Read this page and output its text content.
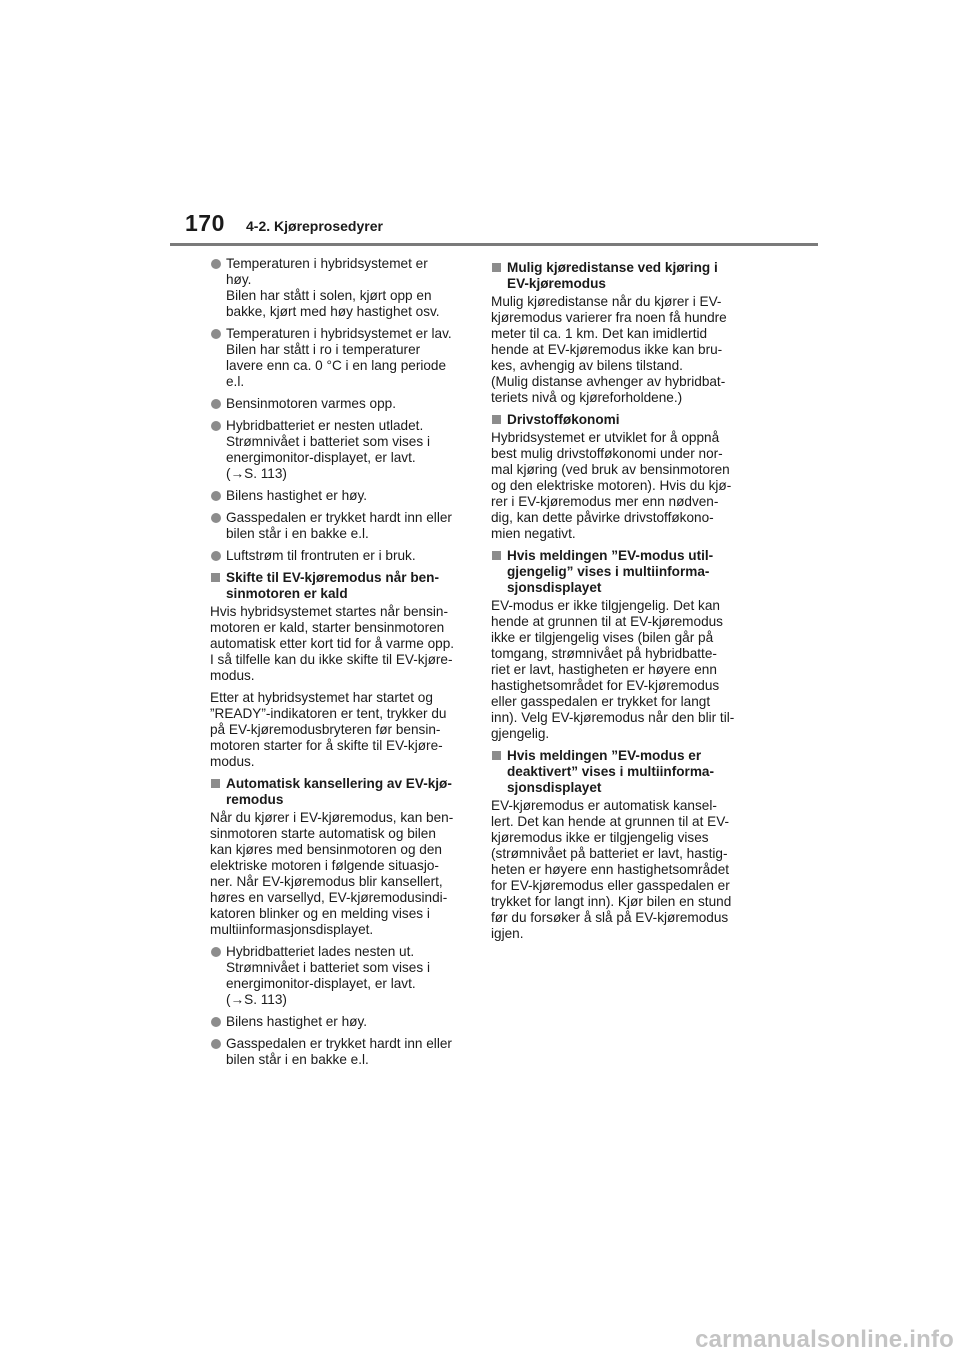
170 4-2. Kjøreprosedyrer
Temperaturen i hybridsystemet er
høy.
Bilen har stått i solen, kjørt opp en
bakke, kjørt med høy hastighet osv.
Temperaturen i hybridsystemet er lav.
Bilen har stått i ro i temperaturer
lavere enn ca. 0 °C i en lang periode
e.l.
Bensinmotoren varmes opp.
Hybridbatteriet er nesten utladet.
Strømnivået i batteriet som vises i
energimonitor-displayet, er lavt.
(→S. 113)
Bilens hastighet er høy.
Gasspedalen er trykket hardt inn eller
bilen står i en bakke e.l.
Luftstrøm til frontruten er i bruk.
Skifte til EV-kjøremodus når ben-
sinmotoren er kald
Hvis hybridsystemet startes når bensin-
motoren er kald, starter bensinmotoren
automatisk etter kort tid for å varme opp.
I så tilfelle kan du ikke skifte til EV-kjøre-
modus.
Etter at hybridsystemet har startet og
”READY”-indikatoren er tent, trykker du
på EV-kjøremodusbryteren før bensin-
motoren starter for å skifte til EV-kjøre-
modus.
Automatisk kansellering av EV-kjø-
remodus
Når du kjører i EV-kjøremodus, kan ben-
sinmotoren starte automatisk og bilen
kan kjøres med bensinmotoren og den
elektriske motoren i følgende situasjo-
ner. Når EV-kjøremodus blir kansellert,
høres en varsellyd, EV-kjøremodusindi-
katoren blinker og en melding vises i
multiinformasjonsdisplayet.
Hybridbatteriet lades nesten ut.
Strømnivået i batteriet som vises i
energimonitor-displayet, er lavt.
(→S. 113)
Bilens hastighet er høy.
Gasspedalen er trykket hardt inn eller
bilen står i en bakke e.l.
Mulig kjøredistanse ved kjøring i
EV-kjøremodus
Mulig kjøredistanse når du kjører i EV-
kjøremodus varierer fra noen få hundre
meter til ca. 1 km. Det kan imidlertid
hende at EV-kjøremodus ikke kan bru-
kes, avhengig av bilens tilstand.
(Mulig distanse avhenger av hybridbat-
teriets nivå og kjøreforholdene.)
Drivstofføkonomi
Hybridsystemet er utviklet for å oppnå
best mulig drivstofføkonomi under nor-
mal kjøring (ved bruk av bensinmotoren
og den elektriske motoren). Hvis du kjø-
rer i EV-kjøremodus mer enn nødven-
dig, kan dette påvirke drivstofføkono-
mien negativt.
Hvis meldingen ”EV-modus util-
gjengelig” vises i multiinforma-
sjonsdisplayet
EV-modus er ikke tilgjengelig. Det kan
hende at grunnen til at EV-kjøremodus
ikke er tilgjengelig vises (bilen går på
tomgang, strømnivået på hybridbatte-
riet er lavt, hastigheten er høyere enn
hastighetsområdet for EV-kjøremodus
eller gasspedalen er trykket for langt
inn). Velg EV-kjøremodus når den blir til-
gjengelig.
Hvis meldingen ”EV-modus er
deaktivert” vises i multiinforma-
sjonsdisplayet
EV-kjøremodus er automatisk kansel-
lert. Det kan hende at grunnen til at EV-
kjøremodus ikke er tilgjengelig vises
(strømnivået på batteriet er lavt, hastig-
heten er høyere enn hastighetsområdet
for EV-kjøremodus eller gasspedalen er
trykket for langt inn). Kjør bilen en stund
før du forsøker å slå på EV-kjøremodus
igjen.
carmanualsonline.info
